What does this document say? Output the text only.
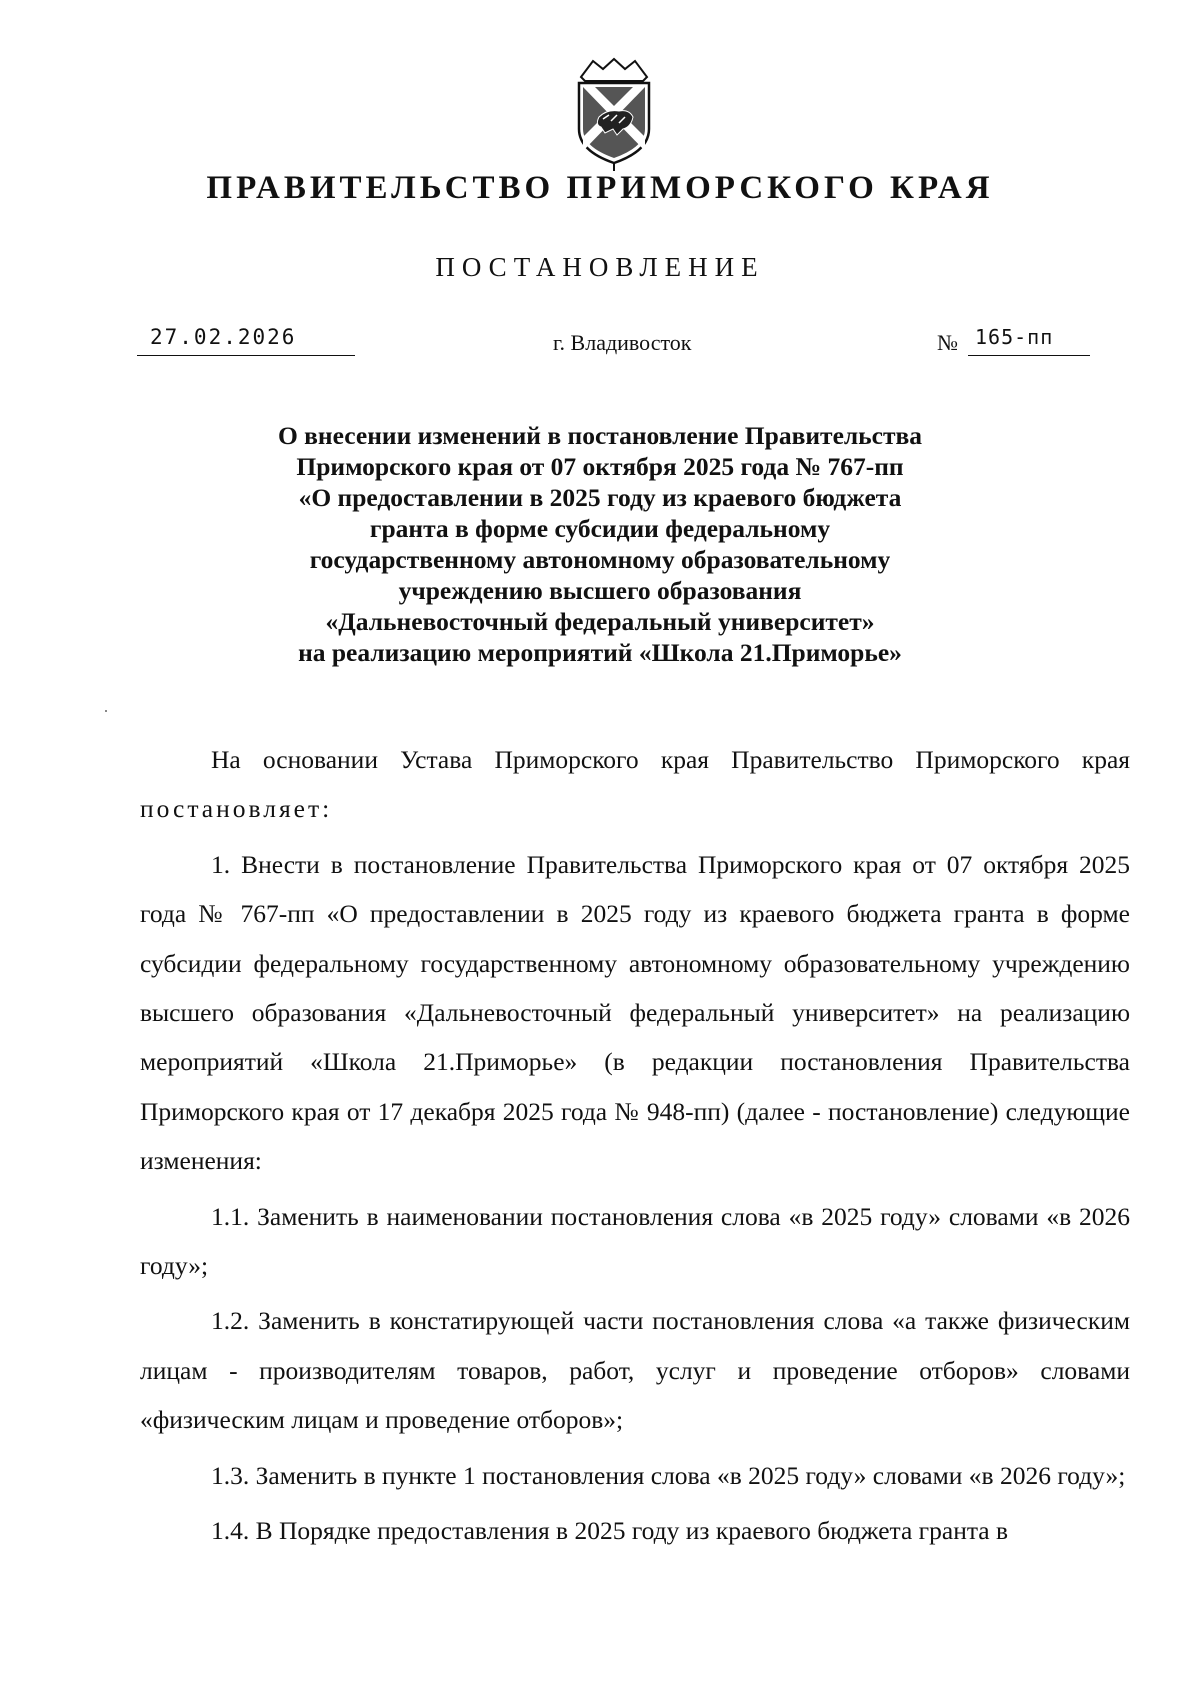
ПРАВИТЕЛЬСТВО ПРИМОРСКОГО КРАЯ
ПОСТАНОВЛЕНИЕ
27.02.2026	г. Владивосток	№ 165-пп
О внесении изменений в постановление Правительства
Приморского края от 07 октября 2025 года № 767-пп
«О предоставлении в 2025 году из краевого бюджета
гранта в форме субсидии федеральному
государственному автономному образовательному
учреждению высшего образования
«Дальневосточный федеральный университет»
на реализацию мероприятий «Школа 21.Приморье»

На основании Устава Приморского края Правительство Приморского края постановляет:

1. Внести в постановление Правительства Приморского края от 07 октября 2025 года № 767-пп «О предоставлении в 2025 году из краевого бюджета гранта в форме субсидии федеральному государственному автономному образовательному учреждению высшего образования «Дальневосточный федеральный университет» на реализацию мероприятий «Школа 21.Приморье» (в редакции постановления Правительства Приморского края от 17 декабря 2025 года № 948-пп) (далее - постановление) следующие изменения:

1.1. Заменить в наименовании постановления слова «в 2025 году» словами «в 2026 году»;

1.2. Заменить в констатирующей части постановления слова «а также физическим лицам - производителям товаров, работ, услуг и проведение отборов» словами «физическим лицам и проведение отборов»;

1.3. Заменить в пункте 1 постановления слова «в 2025 году» словами «в 2026 году»;

1.4. В Порядке предоставления в 2025 году из краевого бюджета гранта в
